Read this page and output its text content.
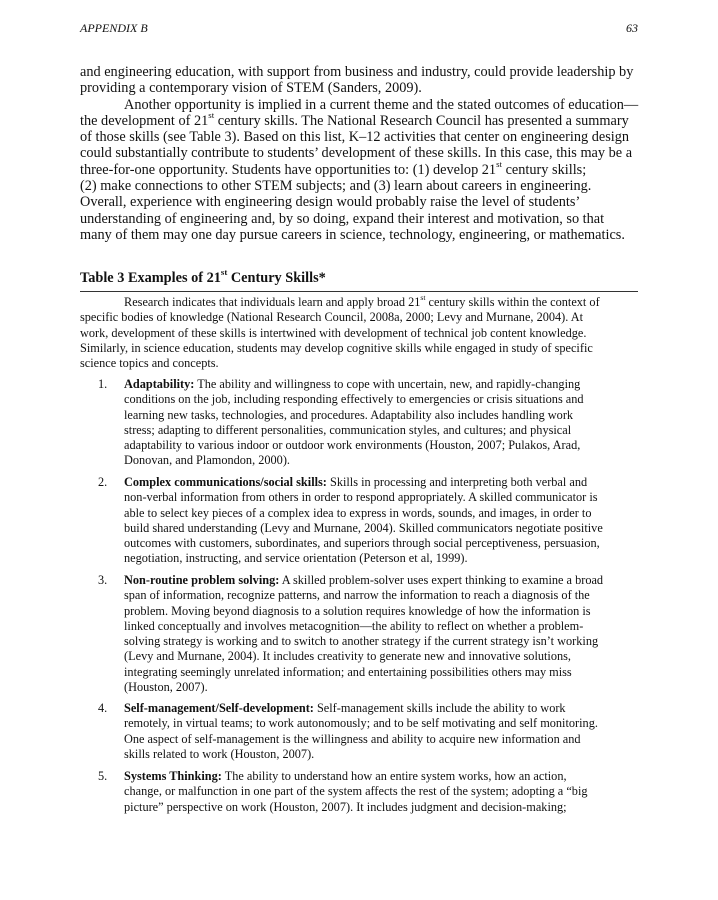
APPENDIX B	63
and engineering education, with support from business and industry, could provide leadership by
providing a contemporary vision of STEM (Sanders, 2009).
Another opportunity is implied in a current theme and the stated outcomes of education—
the development of 21st century skills. The National Research Council has presented a summary
of those skills (see Table 3). Based on this list, K–12 activities that center on engineering design
could substantially contribute to students’ development of these skills. In this case, this may be a
three-for-one opportunity. Students have opportunities to: (1) develop 21st century skills;
(2) make connections to other STEM subjects; and (3) learn about careers in engineering.
Overall, experience with engineering design would probably raise the level of students’
understanding of engineering and, by so doing, expand their interest and motivation, so that
many of them may one day pursue careers in science, technology, engineering, or mathematics.
Table 3 Examples of 21st Century Skills*
Research indicates that individuals learn and apply broad 21st century skills within the context of
specific bodies of knowledge (National Research Council, 2008a, 2000; Levy and Murnane, 2004). At
work, development of these skills is intertwined with development of technical job content knowledge.
Similarly, in science education, students may develop cognitive skills while engaged in study of specific
science topics and concepts.
1. Adaptability: The ability and willingness to cope with uncertain, new, and rapidly-changing
conditions on the job, including responding effectively to emergencies or crisis situations and
learning new tasks, technologies, and procedures. Adaptability also includes handling work
stress; adapting to different personalities, communication styles, and cultures; and physical
adaptability to various indoor or outdoor work environments (Houston, 2007; Pulakos, Arad,
Donovan, and Plamondon, 2000).
2. Complex communications/social skills: Skills in processing and interpreting both verbal and
non-verbal information from others in order to respond appropriately. A skilled communicator is
able to select key pieces of a complex idea to express in words, sounds, and images, in order to
build shared understanding (Levy and Murnane, 2004). Skilled communicators negotiate positive
outcomes with customers, subordinates, and superiors through social perceptiveness, persuasion,
negotiation, instructing, and service orientation (Peterson et al, 1999).
3. Non-routine problem solving: A skilled problem-solver uses expert thinking to examine a broad
span of information, recognize patterns, and narrow the information to reach a diagnosis of the
problem. Moving beyond diagnosis to a solution requires knowledge of how the information is
linked conceptually and involves metacognition—the ability to reflect on whether a problem-
solving strategy is working and to switch to another strategy if the current strategy isn’t working
(Levy and Murnane, 2004). It includes creativity to generate new and innovative solutions,
integrating seemingly unrelated information; and entertaining possibilities others may miss
(Houston, 2007).
4. Self-management/Self-development: Self-management skills include the ability to work
remotely, in virtual teams; to work autonomously; and to be self motivating and self monitoring.
One aspect of self-management is the willingness and ability to acquire new information and
skills related to work (Houston, 2007).
5. Systems Thinking: The ability to understand how an entire system works, how an action,
change, or malfunction in one part of the system affects the rest of the system; adopting a “big
picture” perspective on work (Houston, 2007). It includes judgment and decision-making;
